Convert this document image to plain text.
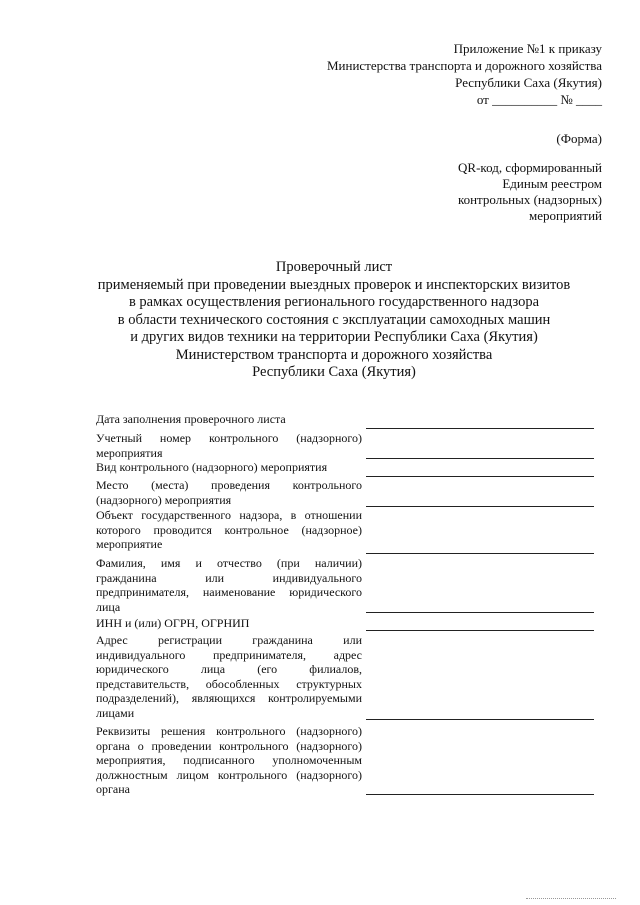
Приложение №1 к приказу
Министерства транспорта и дорожного хозяйства
Республики Саха (Якутия)
от __________ № ____
(Форма)
QR-код, сформированный
Единым реестром
контрольных (надзорных)
мероприятий
Проверочный лист
применяемый при проведении выездных проверок и инспекторских визитов
в рамках осуществления регионального государственного надзора
в области технического состояния с эксплуатации самоходных машин
и других видов техники на территории Республики Саха (Якутия)
Министерством транспорта и дорожного хозяйства
Республики Саха (Якутия)
Дата заполнения проверочного листа
Учетный номер контрольного (надзорного) мероприятия
Вид контрольного (надзорного) мероприятия
Место (места) проведения контрольного (надзорного) мероприятия
Объект государственного надзора, в отношении которого проводится контрольное (надзорное) мероприятие
Фамилия, имя и отчество (при наличии) гражданина или индивидуального предпринимателя, наименование юридического лица
ИНН и (или) ОГРН, ОГРНИП
Адрес регистрации гражданина или индивидуального предпринимателя, адрес юридического лица (его филиалов, представительств, обособленных структурных подразделений), являющихся контролируемыми лицами
Реквизиты решения контрольного (надзорного) органа о проведении контрольного (надзорного) мероприятия, подписанного уполномоченным должностным лицом контрольного (надзорного) органа
